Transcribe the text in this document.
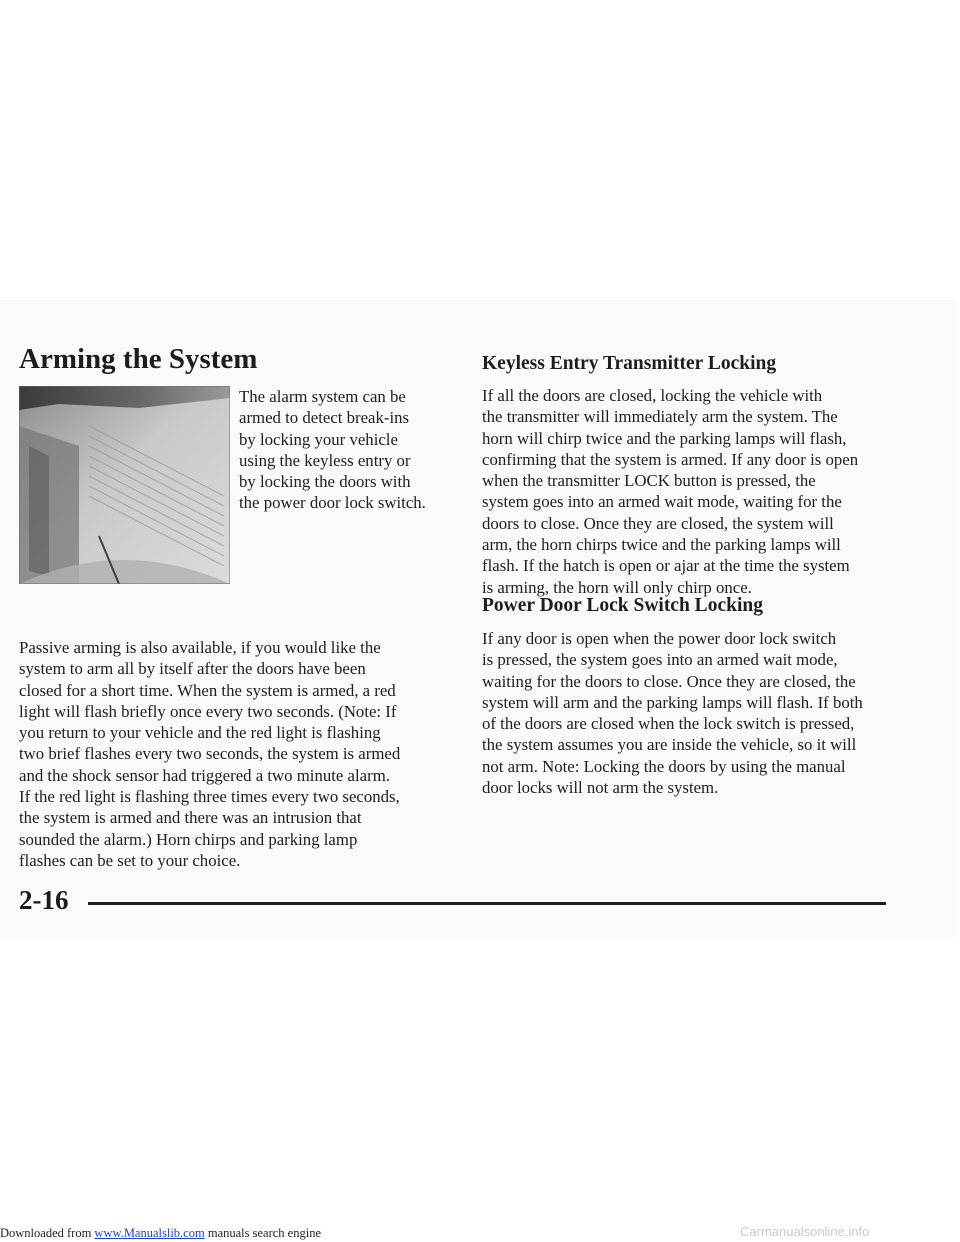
Arming the System

The alarm system can be
armed to detect break-ins
by locking your vehicle
using the keyless entry or
by locking the doors with
the power door lock switch.

Passive arming is also available, if you would like the
system to arm all by itself after the doors have been
closed for a short time. When the system is armed, a red
light will flash briefly once every two seconds. (Note: If
you return to your vehicle and the red light is flashing
two brief flashes every two seconds, the system is armed
and the shock sensor had triggered a two minute alarm.
If the red light is flashing three times every two seconds,
the system is armed and there was an intrusion that
sounded the alarm.) Horn chirps and parking lamp
flashes can be set to your choice.

Keyless Entry Transmitter Locking

If all the doors are closed, locking the vehicle with
the transmitter will immediately arm the system. The
horn will chirp twice and the parking lamps will flash,
confirming that the system is armed. If any door is open
when the transmitter LOCK button is pressed, the
system goes into an armed wait mode, waiting for the
doors to close. Once they are closed, the system will
arm, the horn chirps twice and the parking lamps will
flash. If the hatch is open or ajar at the time the system
is arming, the horn will only chirp once.

Power Door Lock Switch Locking

If any door is open when the power door lock switch
is pressed, the system goes into an armed wait mode,
waiting for the doors to close. Once they are closed, the
system will arm and the parking lamps will flash. If both
of the doors are closed when the lock switch is pressed,
the system assumes you are inside the vehicle, so it will
not arm. Note: Locking the doors by using the manual
door locks will not arm the system.

2-16

Downloaded from www.Manualslib.com manuals search engine	Carmanualsonline.info
